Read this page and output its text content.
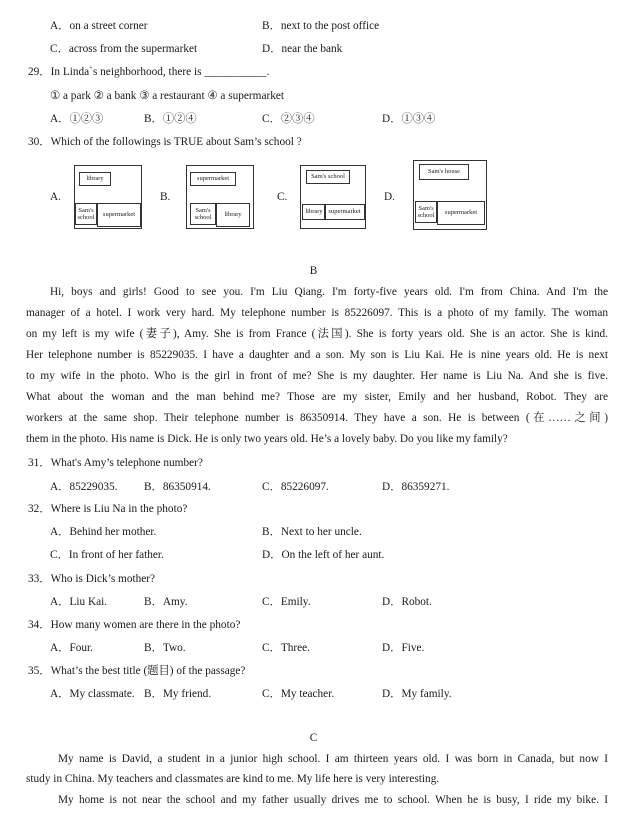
A．on a street corner	B．next to the post office
C．across from the supermarket	D．near the bank
29．In Linda`s neighborhood, there is ___________.
① a park ② a bank ③ a restaurant ④ a supermarket
A．①②③	B．①②④	C．②③④	D．①③④
30．Which of the followings is TRUE about Sam’s school ?
A.
library
Sam's school	supermarket
B.
supermarket
Sam's school	library
C.
Sam's school
library supermarket
D.
Sam's house
Sam's school	supermarket
B
Hi, boys and girls! Good to see you. I'm Liu Qiang. I'm forty-five years old. I'm from China. And I'm the
manager of a hotel. I work very hard. My telephone number is 85226097. This is a photo of my family. The woman
on my left is my wife (妻子), Amy. She is from France (法国). She is forty years old. She is an actor. She is kind.
Her telephone number is 85229035. I have a daughter and a son. My son is Liu Kai. He is nine years old. He is next
to my wife in the photo. Who is the girl in front of me? She is my daughter. Her name is Liu Na. And she is five.
What about the woman and the man behind me? Those are my sister, Emily and her husband, Robot. They are
workers at the same shop. Their telephone number is 86350914. They have a son. He is between (在……之间)
them in the photo. His name is Dick. He is only two years old. He’s a lovely baby. Do you like my family?
31．What's Amy’s telephone number?
A．85229035. B．86350914.	C．85226097.	D．86359271.
32．Where is Liu Na in the photo?
A．Behind her mother.	B．Next to her uncle.
C．In front of her father.	D．On the left of her aunt.
33．Who is Dick’s mother?
A．Liu Kai.	B．Amy.	C．Emily.	D．Robot.
34．How many women are there in the photo?
A．Four.	B．Two.	C．Three.	D．Five.
35．What’s the best title (题目) of the passage?
A．My classmate. B．My friend.	C．My teacher.	D．My family.
C
My name is David, a student in a junior high school. I am thirteen years old. I was born in Canada, but now I
study in China. My teachers and classmates are kind to me. My life here is very interesting.
My home is not near the school and my father usually drives me to school. When he is busy, I ride my bike. I
